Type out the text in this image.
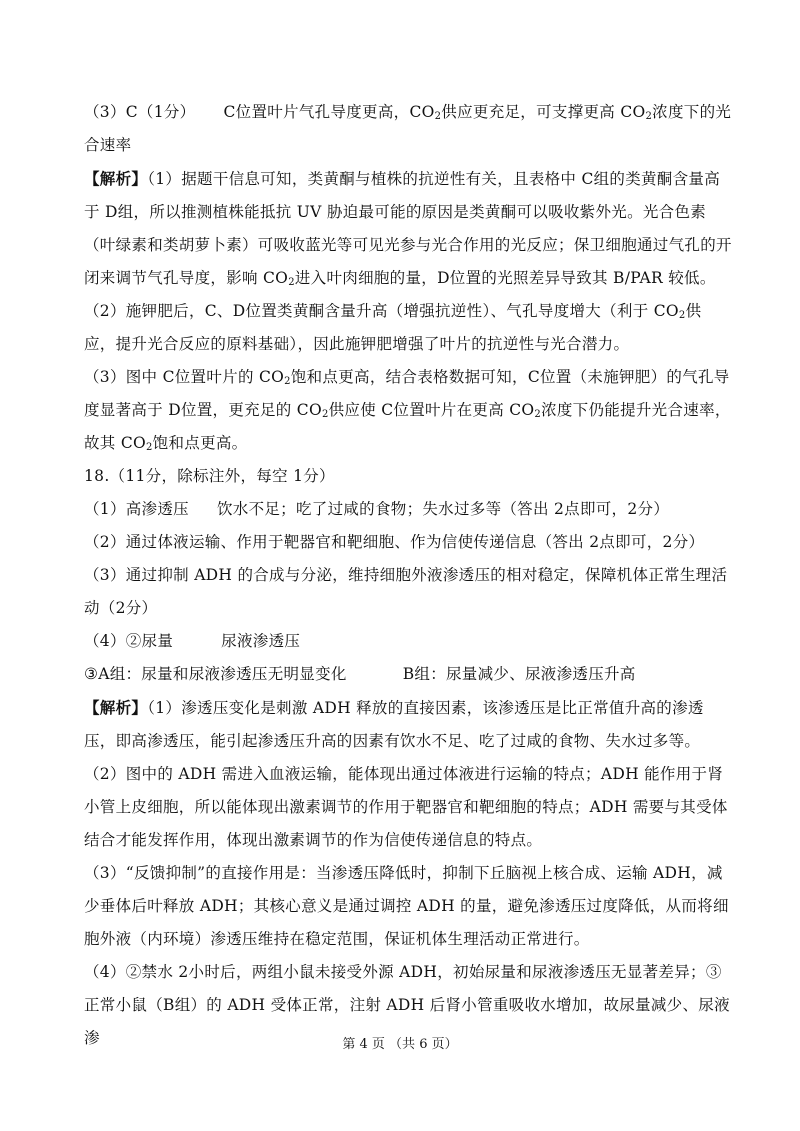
（3）C（1分） C位置叶片气孔导度更高，$CO_2$供应更充足，可支撑更高 $CO_2$浓度下的光合速率

【解析】（1）据题干信息可知，类黄酮与植株的抗逆性有关，且表格中 C组的类黄酮含量高于 D组，所以推测植株能抵抗 UV 胁迫最可能的原因是类黄酮可以吸收紫外光。光合色素（叶绿素和类胡萝卜素）可吸收蓝光等可见光参与光合作用的光反应；保卫细胞通过气孔的开闭来调节气孔导度，影响 $CO_2$进入叶肉细胞的量，D位置的光照差异导致其 B/PAR 较低。

（2）施钾肥后，C、D位置类黄酮含量升高（增强抗逆性）、气孔导度增大（利于 $CO_2$供应，提升光合反应的原料基础），因此施钾肥增强了叶片的抗逆性与光合潜力。

（3）图中 C位置叶片的 $CO_2$饱和点更高，结合表格数据可知，C位置（未施钾肥）的气孔导度显著高于 D位置，更充足的 $CO_2$供应使 C位置叶片在更高 $CO_2$浓度下仍能提升光合速率，故其 $CO_2$饱和点更高。

18.（11分，除标注外，每空 1分）

（1）高渗透压 饮水不足；吃了过咸的食物；失水过多等（答出 2点即可，2分）

（2）通过体液运输、作用于靶器官和靶细胞、作为信使传递信息（答出 2点即可，2分）

（3）通过抑制 ADH 的合成与分泌，维持细胞外液渗透压的相对稳定，保障机体正常生理活动（2分）

（4）②尿量	尿液渗透压

③A组：尿量和尿液渗透压无明显变化	B组：尿量减少、尿液渗透压升高

【解析】（1）渗透压变化是刺激 ADH 释放的直接因素，该渗透压是比正常值升高的渗透压，即高渗透压，能引起渗透压升高的因素有饮水不足、吃了过咸的食物、失水过多等。

（2）图中的 ADH 需进入血液运输，能体现出通过体液进行运输的特点；ADH 能作用于肾小管上皮细胞，所以能体现出激素调节的作用于靶器官和靶细胞的特点；ADH 需要与其受体结合才能发挥作用，体现出激素调节的作为信使传递信息的特点。

（3）“反馈抑制”的直接作用是：当渗透压降低时，抑制下丘脑视上核合成、运输 ADH，减少垂体后叶释放 ADH；其核心意义是通过调控 ADH 的量，避免渗透压过度降低，从而将细胞外液（内环境）渗透压维持在稳定范围，保证机体生理活动正常进行。

（4）②禁水 2小时后，两组小鼠未接受外源 ADH，初始尿量和尿液渗透压无显著差异；③正常小鼠（B组）的 ADH 受体正常，注射 ADH 后肾小管重吸收水增加，故尿量减少、尿液渗	第 4 页 （共 6 页）
